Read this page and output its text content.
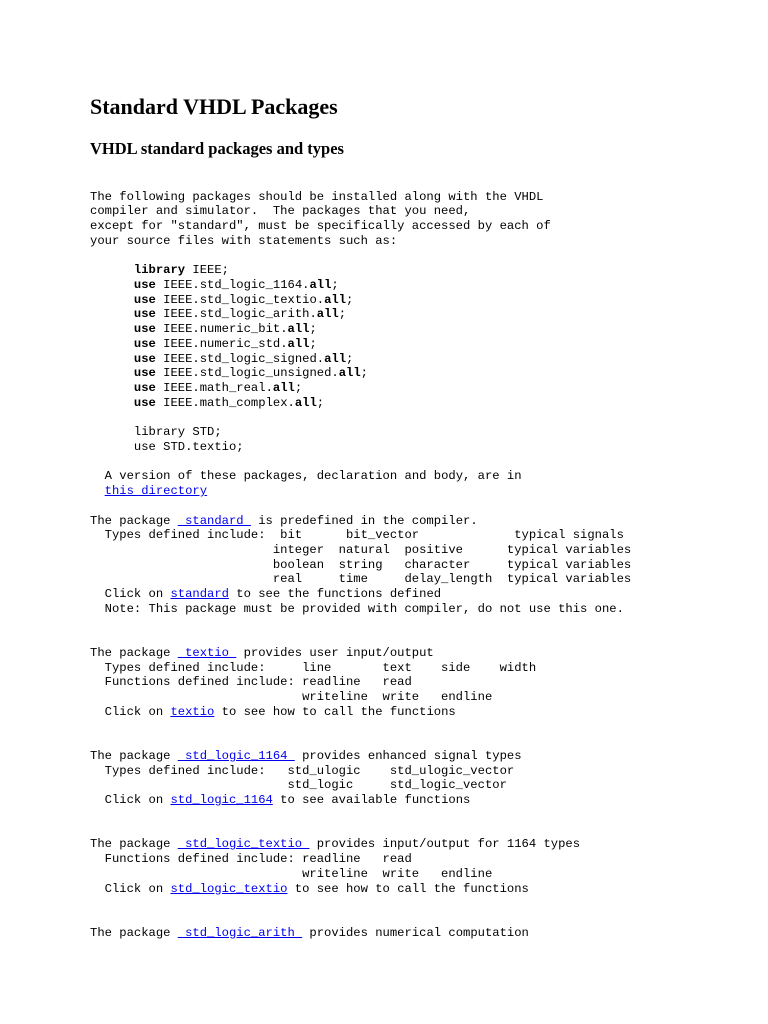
Standard VHDL Packages
VHDL standard packages and types

The following packages should be installed along with the VHDL
compiler and simulator.  The packages that you need,
except for "standard", must be specifically accessed by each of
your source files with statements such as:

library IEEE;
use IEEE.std_logic_1164.all;
use IEEE.std_logic_textio.all;
use IEEE.std_logic_arith.all;
use IEEE.numeric_bit.all;
use IEEE.numeric_std.all;
use IEEE.std_logic_signed.all;
use IEEE.std_logic_unsigned.all;
use IEEE.math_real.all;
use IEEE.math_complex.all;

library STD;
use STD.textio;

A version of these packages, declaration and body, are in
this directory

The package  standard  is predefined in the compiler.
Types defined include:  bit      bit_vector             typical signals
integer  natural  positive      typical variables
boolean  string   character     typical variables
real     time     delay_length  typical variables
Click on standard to see the functions defined
Note: This package must be provided with compiler, do not use this one.

The package  textio  provides user input/output
Types defined include:     line       text    side    width
Functions defined include: readline   read
writeline  write   endline
Click on textio to see how to call the functions

The package  std_logic_1164  provides enhanced signal types
Types defined include:   std_ulogic    std_ulogic_vector
std_logic     std_logic_vector
Click on std_logic_1164 to see available functions

The package  std_logic_textio  provides input/output for 1164 types
Functions defined include: readline   read
writeline  write   endline
Click on std_logic_textio to see how to call the functions

The package  std_logic_arith  provides numerical computation
